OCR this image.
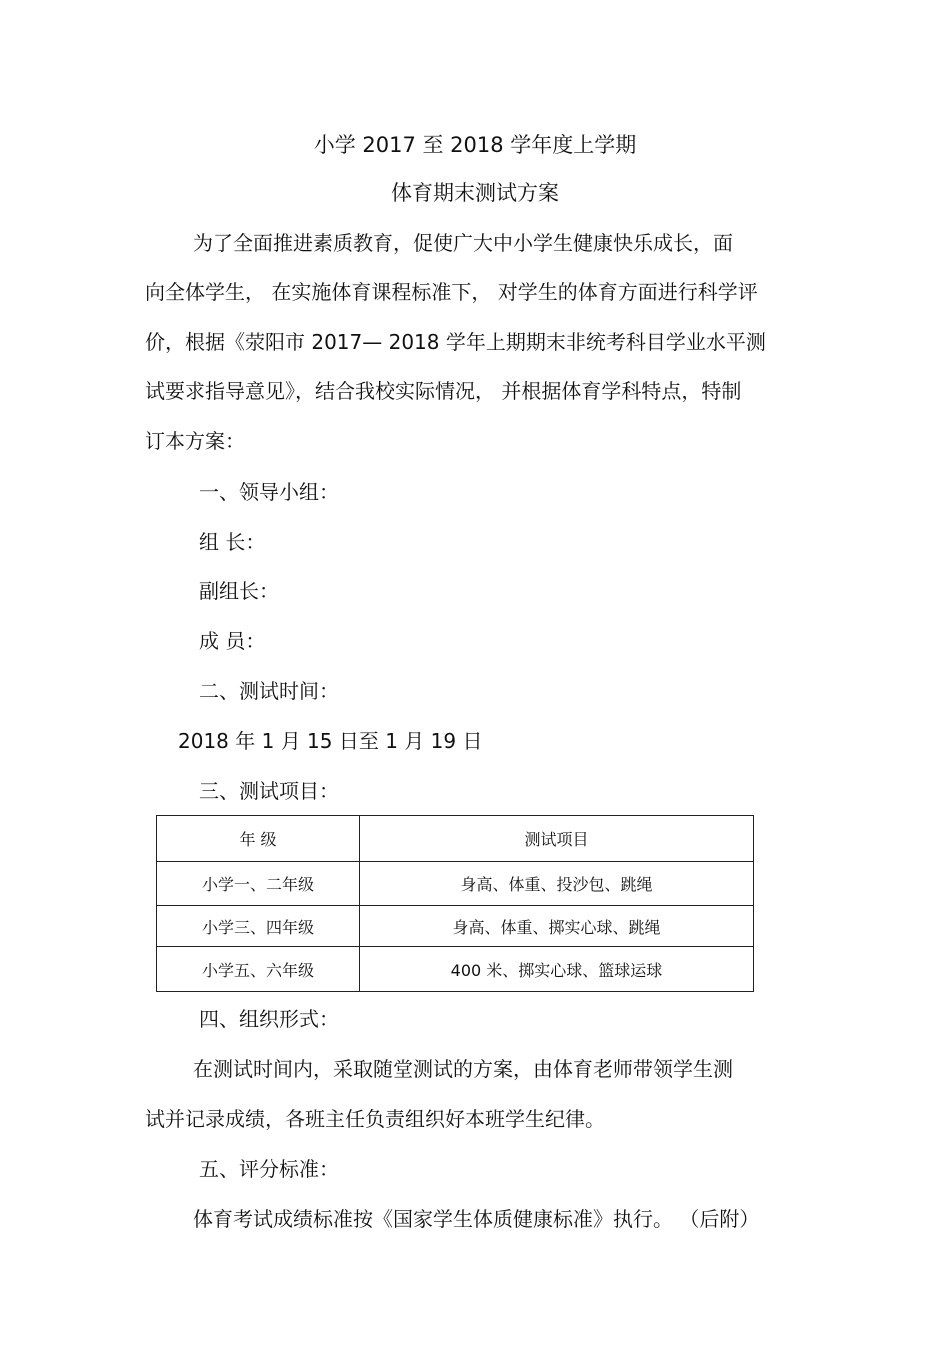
小学 2017 至 2018 学年度上学期
体育期末测试方案
为了全面推进素质教育，促使广大中小学生健康快乐成长，面
向全体学生， 在实施体育课程标准下， 对学生的体育方面进行科学评
价，根据《荥阳市 2017— 2018 学年上期期末非统考科目学业水平测
试要求指导意见》，结合我校实际情况， 并根据体育学科特点，特制
订本方案：
一、领导小组：
组 长：
副组长：
成 员：
二、测试时间：
2018 年 1 月 15 日至 1 月 19 日
三、测试项目：
年 级	测试项目
小学一、二年级	身高、体重、投沙包、跳绳
小学三、四年级	身高、体重、掷实心球、跳绳
小学五、六年级	400 米、掷实心球、篮球运球
四、组织形式：
在测试时间内，采取随堂测试的方案，由体育老师带领学生测
试并记录成绩，各班主任负责组织好本班学生纪律。
五、评分标准：
体育考试成绩标准按《国家学生体质健康标准》执行。 （后附）
